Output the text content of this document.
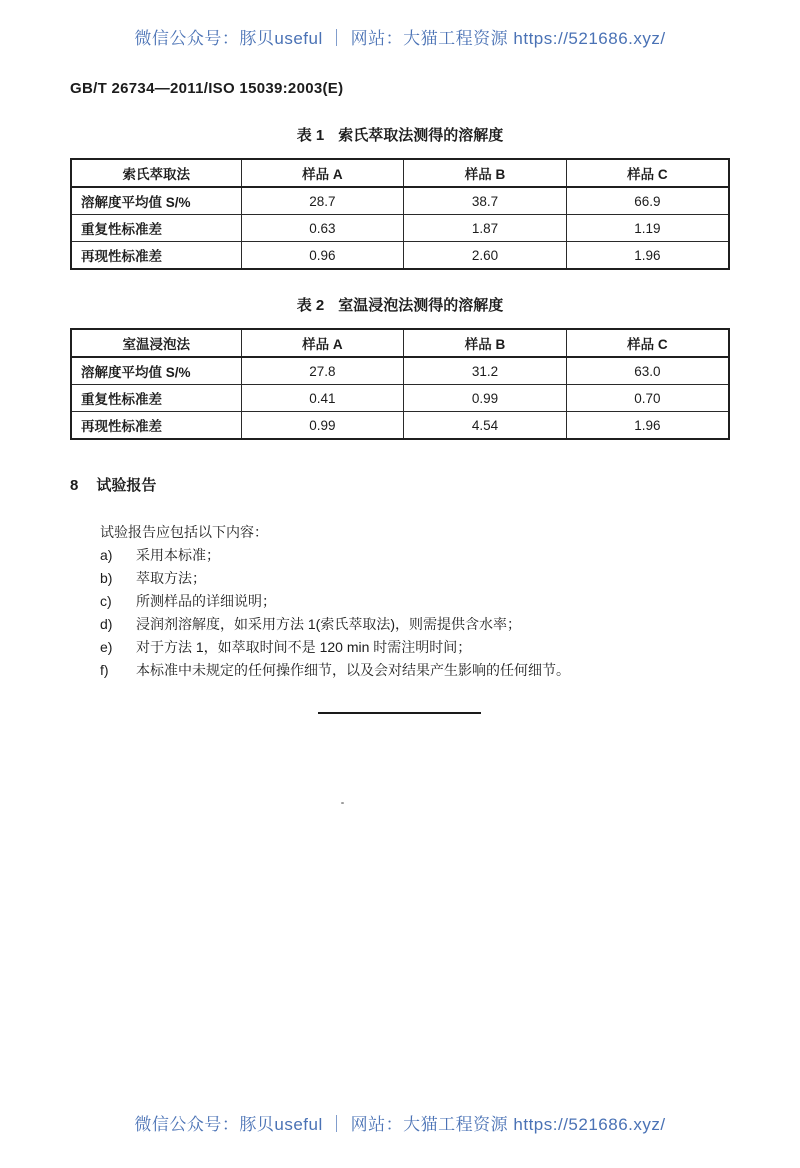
微信公众号：豚贝useful ｜ 网站：大猫工程资源 https://521686.xyz/
GB/T 26734—2011/ISO 15039:2003(E)
表 1 索氏萃取法测得的溶解度
索氏萃取法	样品 A	样品 B	样品 C
溶解度平均值 S/%	28.7	38.7	66.9
重复性标准差	0.63	1.87	1.19
再现性标准差	0.96	2.60	1.96
表 2 室温浸泡法测得的溶解度
室温浸泡法	样品 A	样品 B	样品 C
溶解度平均值 S/%	27.8	31.2	63.0
重复性标准差	0.41	0.99	0.70
再现性标准差	0.99	4.54	1.96
8 试验报告
试验报告应包括以下内容：
a)	采用本标准；
b)	萃取方法；
c)	所测样品的详细说明；
d)	浸润剂溶解度，如采用方法 1(索氏萃取法)，则需提供含水率；
e)	对于方法 1，如萃取时间不是 120 min 时需注明时间；
f)	本标准中未规定的任何操作细节，以及会对结果产生影响的任何细节。
微信公众号：豚贝useful ｜ 网站：大猫工程资源 https://521686.xyz/
